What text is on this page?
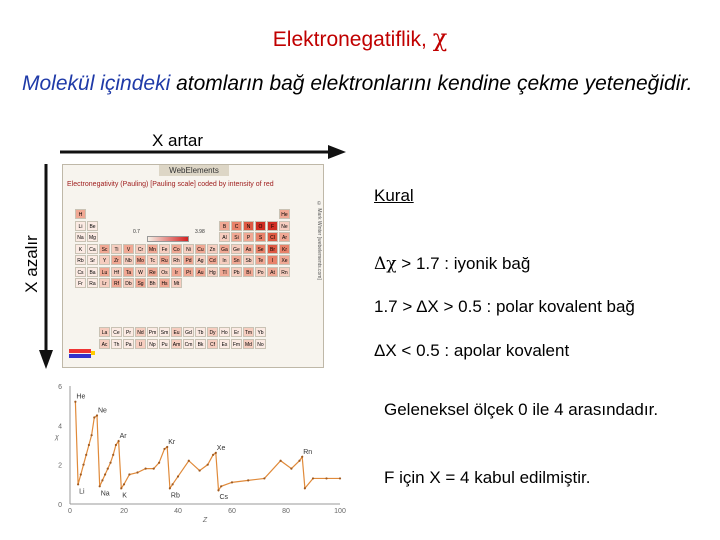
Elektronegatiflik, χ
Molekül içindeki atomların bağ elektronlarını kendine çekme yeteneğidir.
X artar
X azalır
WebElements
Electronegativity (Pauling) [Pauling scale] coded by intensity of red
H	He
Li	Be	B	C	N	O	F	Ne
Na	Mg	Al	Si	P	S	Cl	Ar
K	Ca	Sc	Ti	V	Cr	Mn	Fe	Co	Ni	Cu	Zn	Ga	Ge	As	Se	Br	Kr
Rb	Sr	Y	Zr	Nb	Mo	Tc	Ru	Rh	Pd	Ag	Cd	In	Sn	Sb	Te	I	Xe
Cs	Ba	Lu	Hf	Ta	W	Re	Os	Ir	Pt	Au	Hg	Tl	Pb	Bi	Po	At	Rn
Fr	Ra	Lr	Rf	Db	Sg	Bh	Hs	Mt
La	Ce	Pr	Nd	Pm Sm	Eu	Gd	Tb	Dy	Ho	Er	Tm	Yb
Ac	Th	Pa	U	Np	Pu	Am Cm	Bk	Cf	Es	Fm Md	No
0.7	3.98	© Mark Winter [webelements.com]
Kural
Δχ > 1.7 : iyonik bağ
1.7 > ΔX > 0.5 : polar kovalent bağ
ΔX < 0.5 : apolar kovalent
Geleneksel ölçek 0 ile 4 arasındadır.
F için X = 4 kabul edilmiştir.
0
2
4
6
0	20	40	60	80	100
Z
χ
He
Ne
Ar
Kr
Xe
Rn
Li Na K	Rb	Cs
